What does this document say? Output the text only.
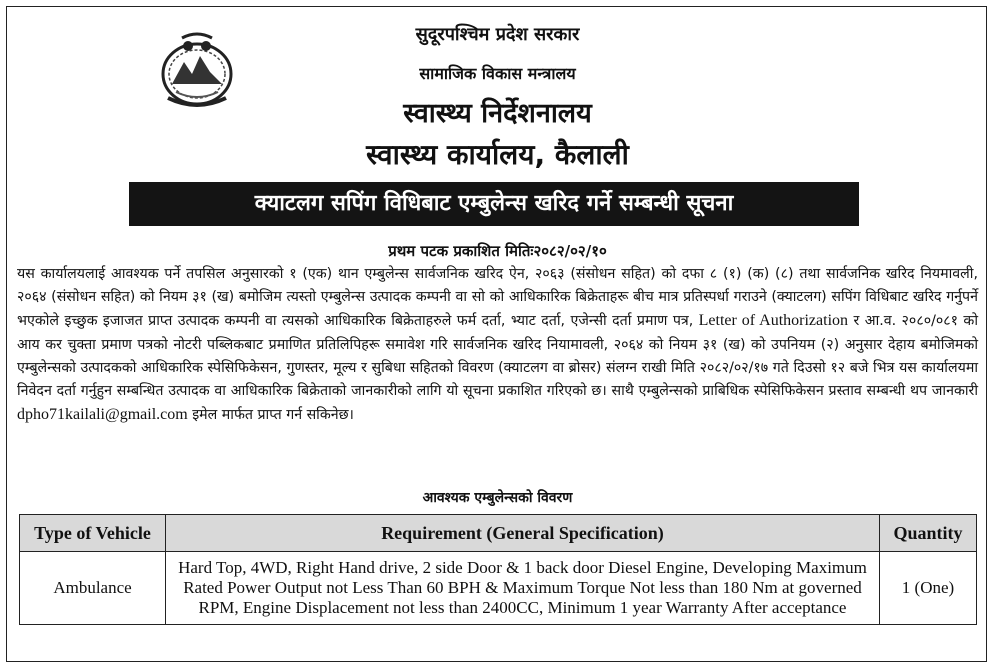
सुदूरपश्चिम प्रदेश सरकार
सामाजिक विकास मन्त्रालय
स्वास्थ्य निर्देशनालय
स्वास्थ्य कार्यालय, कैलाली
क्याटलग सपिंग विधिबाट एम्बुलेन्स खरिद गर्ने सम्बन्धी सूचना
प्रथम पटक प्रकाशित मितिः२०८२/०२/१०

यस कार्यालयलाई आवश्यक पर्ने तपसिल अनुसारको १ (एक) थान एम्बुलेन्स सार्वजनिक खरिद ऐन, २०६३ (संसोधन सहित) को दफा ८ (१) (क) (८) तथा सार्वजनिक खरिद नियमावली, २०६४ (संसोधन सहित) को नियम ३१ (ख) बमोजिम त्यस्तो एम्बुलेन्स उत्पादक कम्पनी वा सो को आधिकारिक बिक्रेताहरू बीच मात्र प्रतिस्पर्धा गराउने (क्याटलग) सपिंग विधिबाट खरिद गर्नुपर्ने भएकोले इच्छुक इजाजत प्राप्त उत्पादक कम्पनी वा त्यसको आधिकारिक बिक्रेताहरुले फर्म दर्ता, भ्याट दर्ता, एजेन्सी दर्ता प्रमाण पत्र, Letter of Authorization र आ.व. २०८०/०८१ को आय कर चुक्ता प्रमाण पत्रको नोटरी पब्लिकबाट प्रमाणित प्रतिलिपिहरू समावेश गरि सार्वजनिक खरिद नियामावली, २०६४ को नियम ३१ (ख) को उपनियम (२) अनुसार देहाय बमोजिमको एम्बुलेन्सको उत्पादकको आधिकारिक स्पेसिफिकेसन, गुणस्तर, मूल्य र सुबिधा सहितको विवरण (क्याटलग वा ब्रोसर) संलग्न राखी मिति २०८२/०२/१७ गते दिउसो १२ बजे भित्र यस कार्यालयमा निवेदन दर्ता गर्नुहुन सम्बन्धित उत्पादक वा आधिकारिक बिक्रेताको जानकारीको लागि यो सूचना प्रकाशित गरिएको छ। साथै एम्बुलेन्सको प्राबिधिक स्पेसिफिकेसन प्रस्ताव सम्बन्धी थप जानकारी dpho71kailali@gmail.com इमेल मार्फत प्राप्त गर्न सकिनेछ।

आवश्यक एम्बुलेन्सको विवरण
Type of Vehicle	Requirement (General Specification)	Quantity
Ambulance	Hard Top, 4WD, Right Hand drive, 2 side Door & 1 back door Diesel Engine, Developing Maximum Rated Power Output not Less Than 60 BPH & Maximum Torque Not less than 180 Nm at governed RPM, Engine Displacement not less than 2400CC, Minimum 1 year Warranty After acceptance	1 (One)
